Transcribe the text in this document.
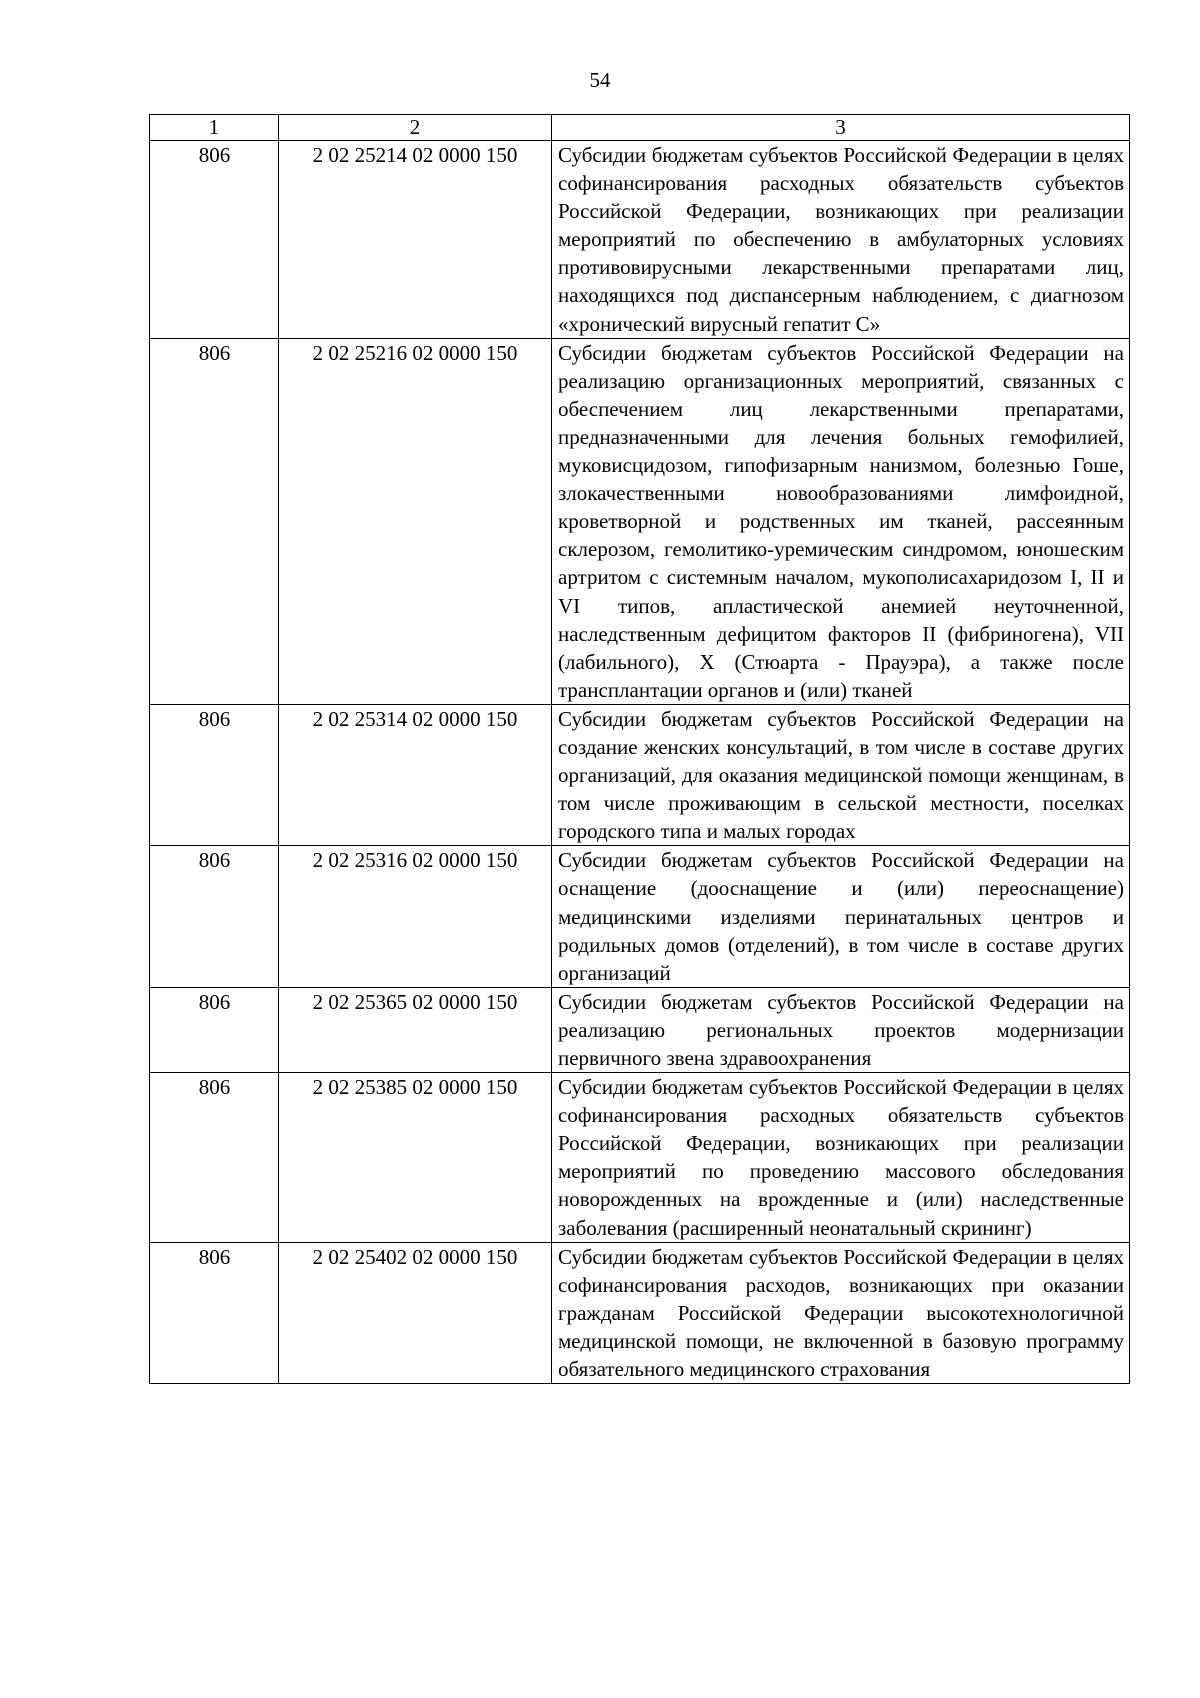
54
1	2	3
806	2 02 25214 02 0000 150	Субсидии бюджетам субъектов Российской Федерации в целях софинансирования расходных обязательств субъектов Российской Федерации, возникающих при реализации мероприятий по обеспечению в амбулаторных условиях противовирусными лекарственными препаратами лиц, находящихся под диспансерным наблюдением, с диагнозом «хронический вирусный гепатит С»
806	2 02 25216 02 0000 150	Субсидии бюджетам субъектов Российской Федерации на реализацию организационных мероприятий, связанных с обеспечением лиц лекарственными препаратами, предназначенными для лечения больных гемофилией, муковисцидозом, гипофизарным нанизмом, болезнью Гоше, злокачественными новообразованиями лимфоидной, кроветворной и родственных им тканей, рассеянным склерозом, гемолитико-уремическим синдромом, юношеским артритом с системным началом, мукополисахаридозом I, II и VI типов, апластической анемией неуточненной, наследственным дефицитом факторов II (фибриногена), VII (лабильного), X (Стюарта - Прауэра), а также после трансплантации органов и (или) тканей
806	2 02 25314 02 0000 150	Субсидии бюджетам субъектов Российской Федерации на создание женских консультаций, в том числе в составе других организаций, для оказания медицинской помощи женщинам, в том числе проживающим в сельской местности, поселках городского типа и малых городах
806	2 02 25316 02 0000 150	Субсидии бюджетам субъектов Российской Федерации на оснащение (дооснащение и (или) переоснащение) медицинскими изделиями перинатальных центров и родильных домов (отделений), в том числе в составе других организаций
806	2 02 25365 02 0000 150	Субсидии бюджетам субъектов Российской Федерации на реализацию региональных проектов модернизации первичного звена здравоохранения
806	2 02 25385 02 0000 150	Субсидии бюджетам субъектов Российской Федерации в целях софинансирования расходных обязательств субъектов Российской Федерации, возникающих при реализации мероприятий по проведению массового обследования новорожденных на врожденные и (или) наследственные заболевания (расширенный неонатальный скрининг)
806	2 02 25402 02 0000 150	Субсидии бюджетам субъектов Российской Федерации в целях софинансирования расходов, возникающих при оказании гражданам Российской Федерации высокотехнологичной медицинской помощи, не включенной в базовую программу обязательного медицинского страхования
